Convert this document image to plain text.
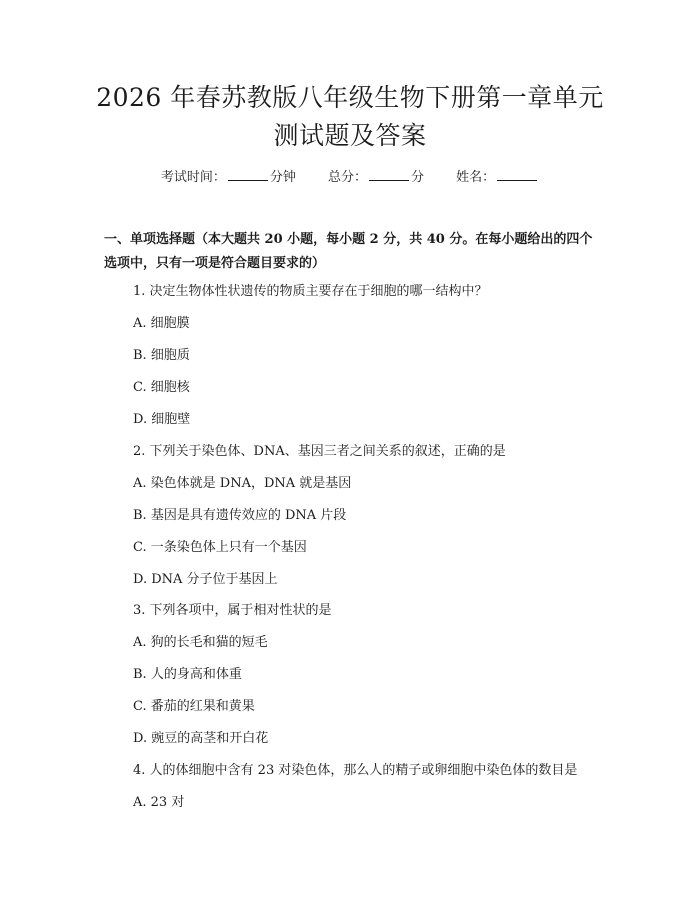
2026 年春苏教版八年级生物下册第一章单元
测试题及答案
考试时间：	分钟 总分：	分 姓名：
一、单项选择题（本大题共 20 小题，每小题 2 分，共 40 分。在每小题给出的四个选项中，只有一项是符合题目要求的）
1. 决定生物体性状遗传的物质主要存在于细胞的哪一结构中？
A. 细胞膜
B. 细胞质
C. 细胞核
D. 细胞壁
2. 下列关于染色体、DNA、基因三者之间关系的叙述，正确的是
A. 染色体就是 DNA，DNA 就是基因
B. 基因是具有遗传效应的 DNA 片段
C. 一条染色体上只有一个基因
D. DNA 分子位于基因上
3. 下列各项中，属于相对性状的是
A. 狗的长毛和猫的短毛
B. 人的身高和体重
C. 番茄的红果和黄果
D. 豌豆的高茎和开白花
4. 人的体细胞中含有 23 对染色体，那么人的精子或卵细胞中染色体的数目是
A. 23 对
